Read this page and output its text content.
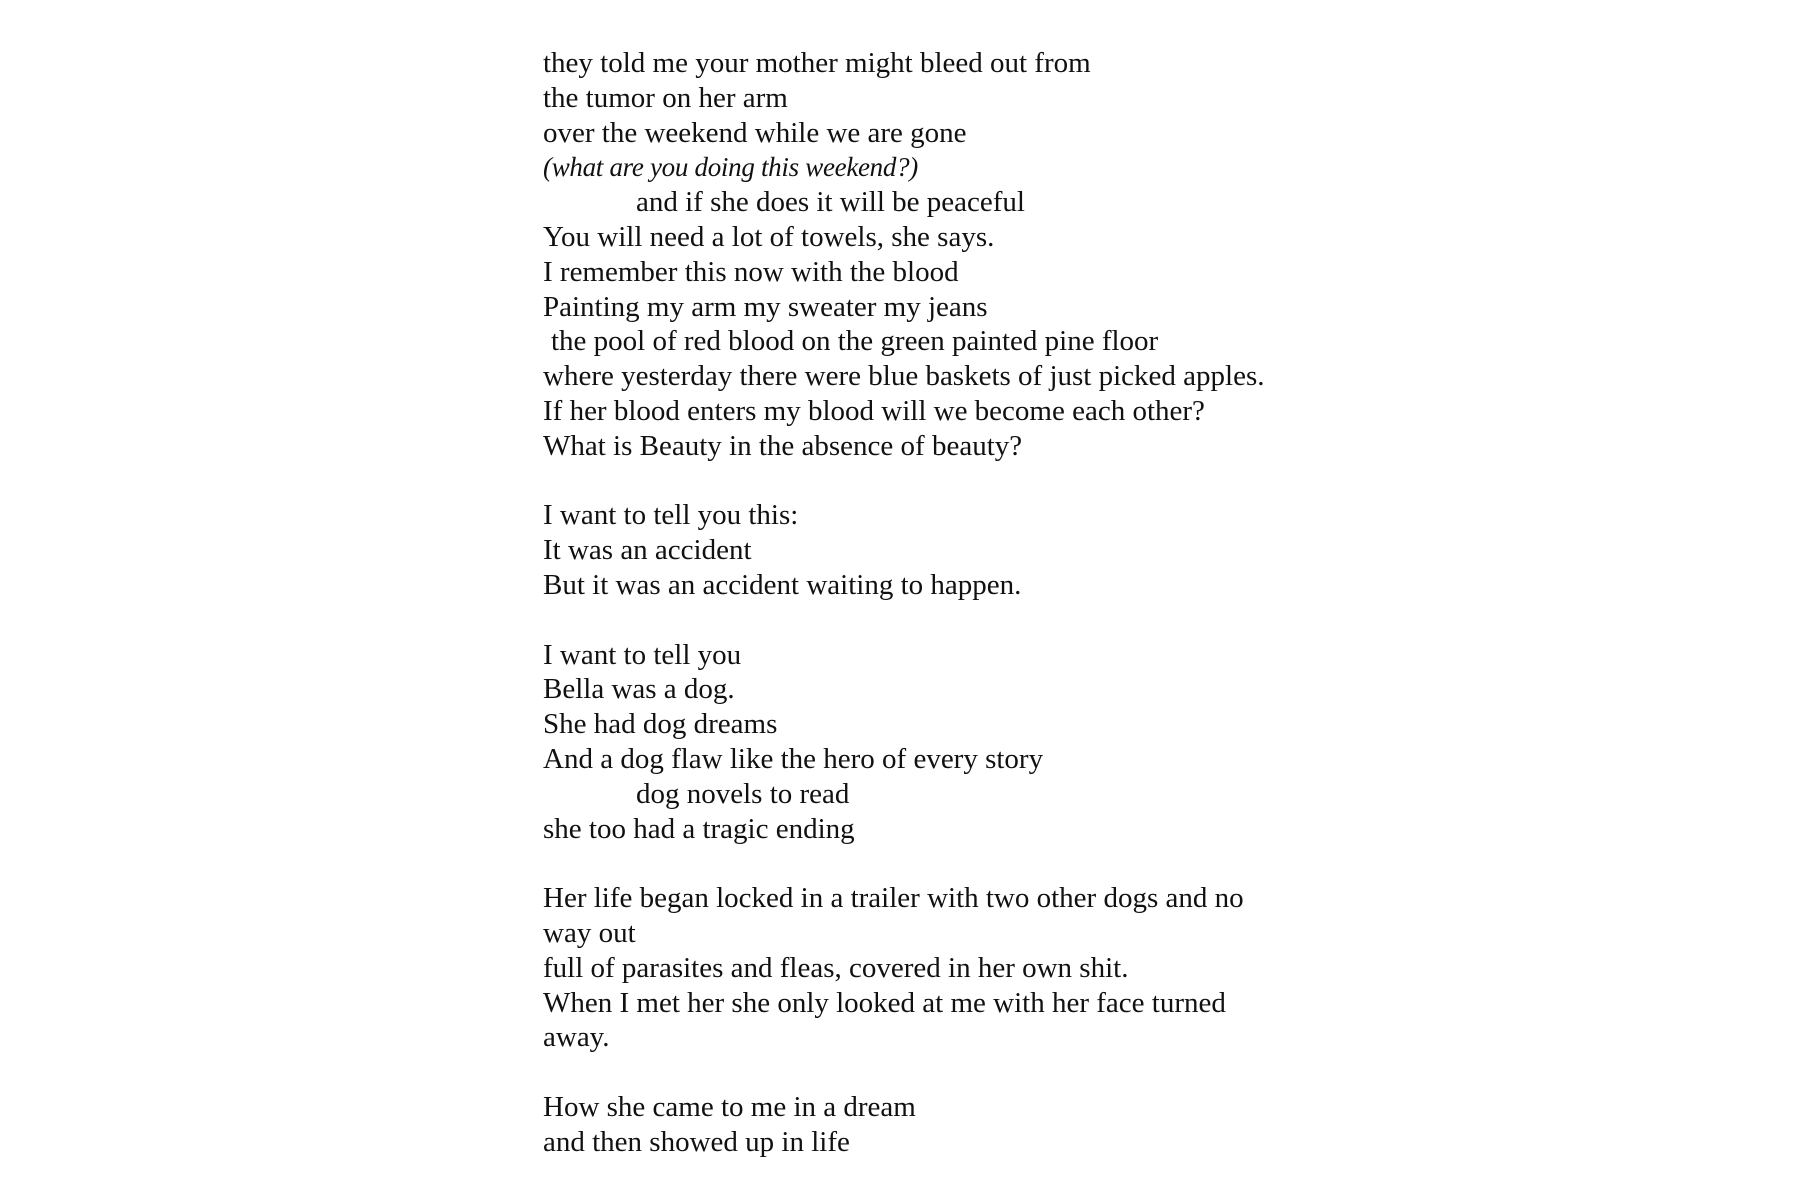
they told me your mother might bleed out from
the tumor on her arm
over the weekend while we are gone
(what are you doing this weekend?)
and if she does it will be peaceful
You will need a lot of towels, she says.
I remember this now with the blood
Painting my arm my sweater my jeans
the pool of red blood on the green painted pine floor
where yesterday there were blue baskets of just picked apples.
If her blood enters my blood will we become each other?
What is Beauty in the absence of beauty?
I want to tell you this:
It was an accident
But it was an accident waiting to happen.
I want to tell you
Bella was a dog.
She had dog dreams
And a dog flaw like the hero of every story
dog novels to read
she too had a tragic ending
Her life began locked in a trailer with two other dogs and no
way out
full of parasites and fleas, covered in her own shit.
When I met her she only looked at me with her face turned
away.
How she came to me in a dream
and then showed up in life
